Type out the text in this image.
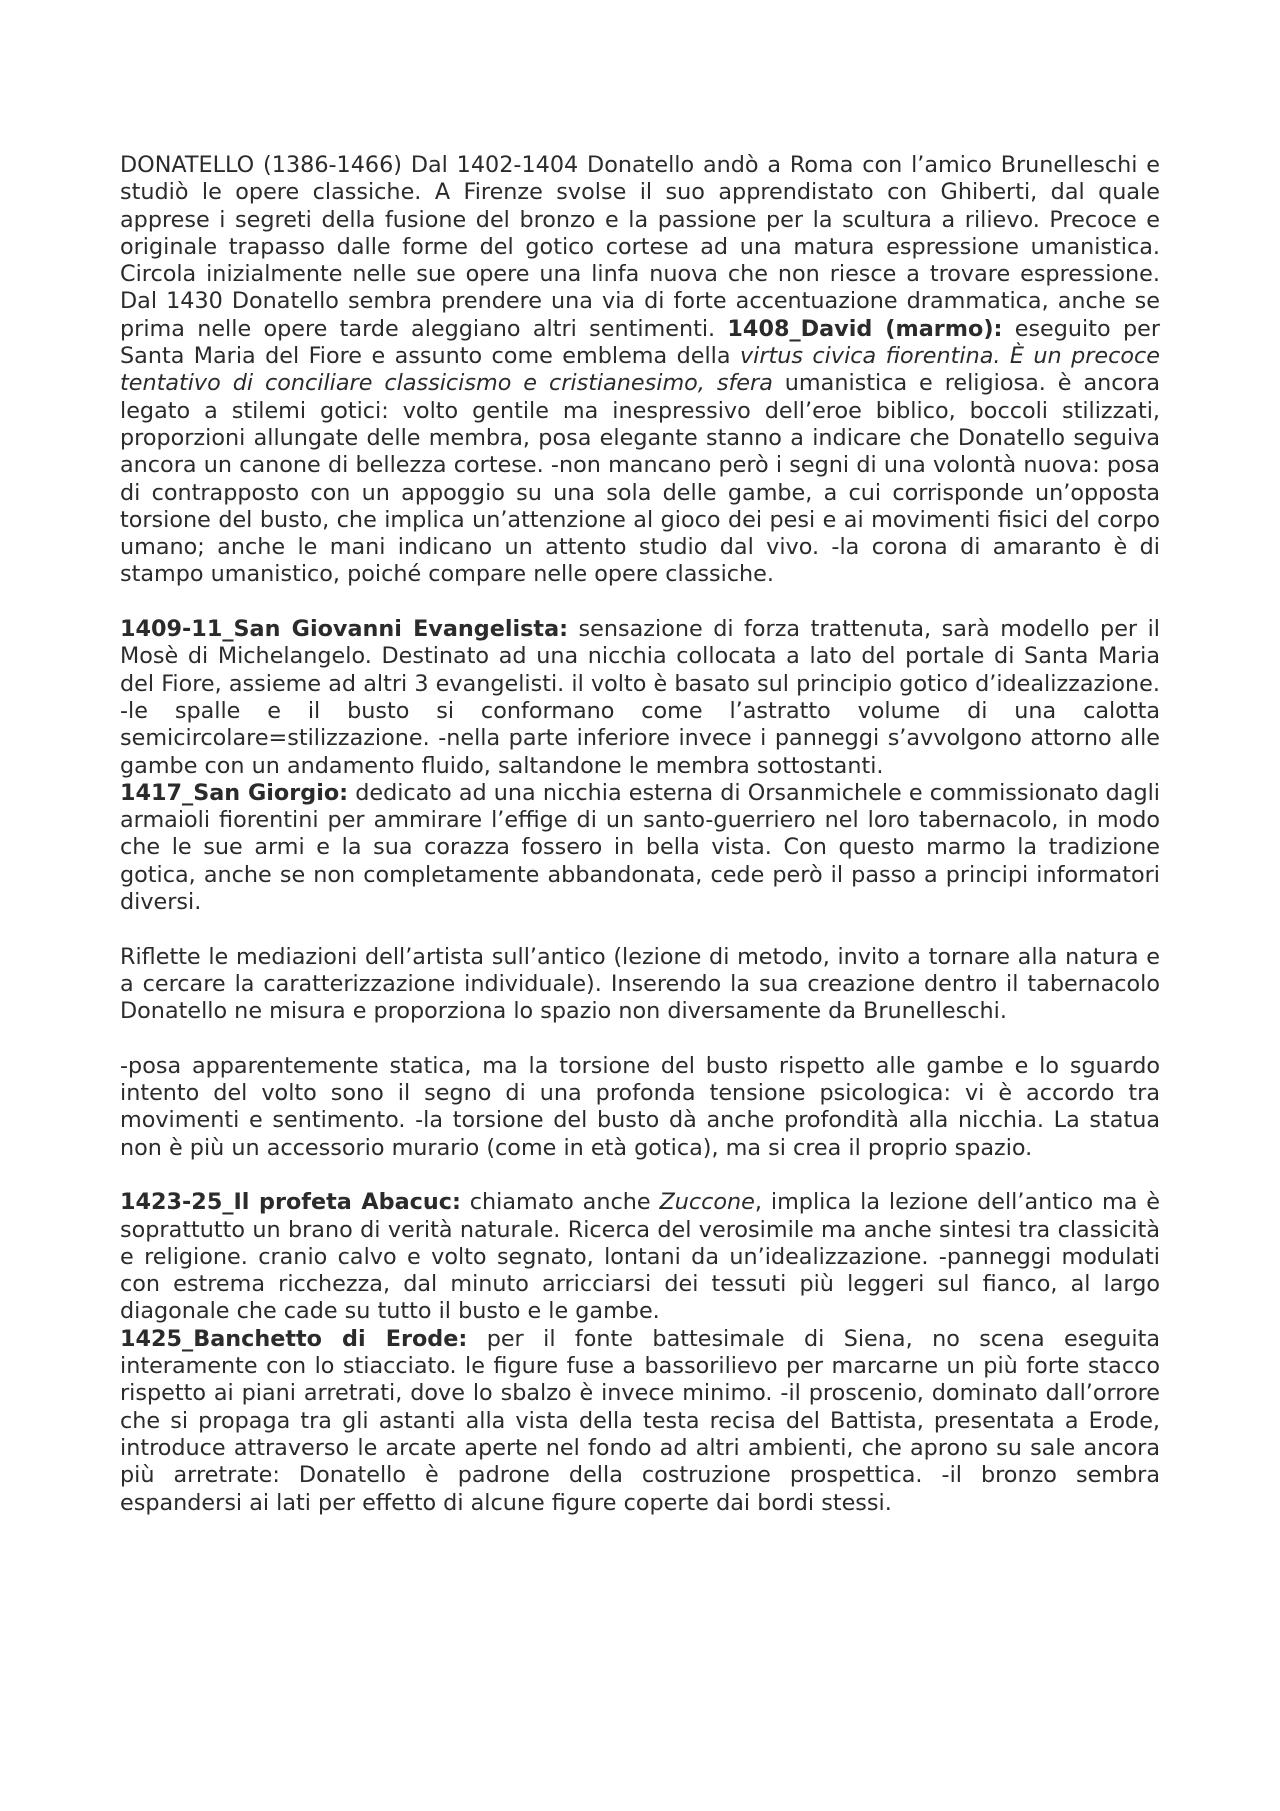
DONATELLO (1386-1466) Dal 1402-1404 Donatello andò a Roma con l’amico Brunelleschi e studiò le opere classiche. A Firenze svolse il suo apprendistato con Ghiberti, dal quale apprese i segreti della fusione del bronzo e la passione per la scultura a rilievo. Precoce e originale trapasso dalle forme del gotico cortese ad una matura espressione umanistica. Circola inizialmente nelle sue opere una linfa nuova che non riesce a trovare espressione. Dal 1430 Donatello sembra prendere una via di forte accentuazione drammatica, anche se prima nelle opere tarde aleggiano altri sentimenti. 1408_David (marmo): eseguito per Santa Maria del Fiore e assunto come emblema della virtus civica fiorentina. È un precoce tentativo di conciliare classicismo e cristianesimo, sfera umanistica e religiosa. è ancora legato a stilemi gotici: volto gentile ma inespressivo dell’eroe biblico, boccoli stilizzati, proporzioni allungate delle membra, posa elegante stanno a indicare che Donatello seguiva ancora un canone di bellezza cortese. -non mancano però i segni di una volontà nuova: posa di contrapposto con un appoggio su una sola delle gambe, a cui corrisponde un’opposta torsione del busto, che implica un’attenzione al gioco dei pesi e ai movimenti fisici del corpo umano; anche le mani indicano un attento studio dal vivo. -la corona di amaranto è di stampo umanistico, poiché compare nelle opere classiche.

1409-11_San Giovanni Evangelista: sensazione di forza trattenuta, sarà modello per il Mosè di Michelangelo. Destinato ad una nicchia collocata a lato del portale di Santa Maria del Fiore, assieme ad altri 3 evangelisti. il volto è basato sul principio gotico d’idealizzazione. -le spalle e il busto si conformano come l’astratto volume di una calotta semicircolare=stilizzazione. -nella parte inferiore invece i panneggi s’avvolgono attorno alle gambe con un andamento fluido, saltandone le membra sottostanti.

1417_San Giorgio: dedicato ad una nicchia esterna di Orsanmichele e commissionato dagli armaioli fiorentini per ammirare l’effige di un santo-guerriero nel loro tabernacolo, in modo che le sue armi e la sua corazza fossero in bella vista. Con questo marmo la tradizione gotica, anche se non completamente abbandonata, cede però il passo a principi informatori diversi.

Riflette le mediazioni dell’artista sull’antico (lezione di metodo, invito a tornare alla natura e a cercare la caratterizzazione individuale). Inserendo la sua creazione dentro il tabernacolo Donatello ne misura e proporziona lo spazio non diversamente da Brunelleschi.

-posa apparentemente statica, ma la torsione del busto rispetto alle gambe e lo sguardo intento del volto sono il segno di una profonda tensione psicologica: vi è accordo tra movimenti e sentimento. -la torsione del busto dà anche profondità alla nicchia. La statua non è più un accessorio murario (come in età gotica), ma si crea il proprio spazio.

1423-25_Il profeta Abacuc: chiamato anche Zuccone, implica la lezione dell’antico ma è soprattutto un brano di verità naturale. Ricerca del verosimile ma anche sintesi tra classicità e religione. cranio calvo e volto segnato, lontani da un’idealizzazione. -panneggi modulati con estrema ricchezza, dal minuto arricciarsi dei tessuti più leggeri sul fianco, al largo diagonale che cade su tutto il busto e le gambe.

1425_Banchetto di Erode: per il fonte battesimale di Siena, no scena eseguita interamente con lo stiacciato. le figure fuse a bassorilievo per marcarne un più forte stacco rispetto ai piani arretrati, dove lo sbalzo è invece minimo. -il proscenio, dominato dall’orrore che si propaga tra gli astanti alla vista della testa recisa del Battista, presentata a Erode, introduce attraverso le arcate aperte nel fondo ad altri ambienti, che aprono su sale ancora più arretrate: Donatello è padrone della costruzione prospettica. -il bronzo sembra espandersi ai lati per effetto di alcune figure coperte dai bordi stessi.
